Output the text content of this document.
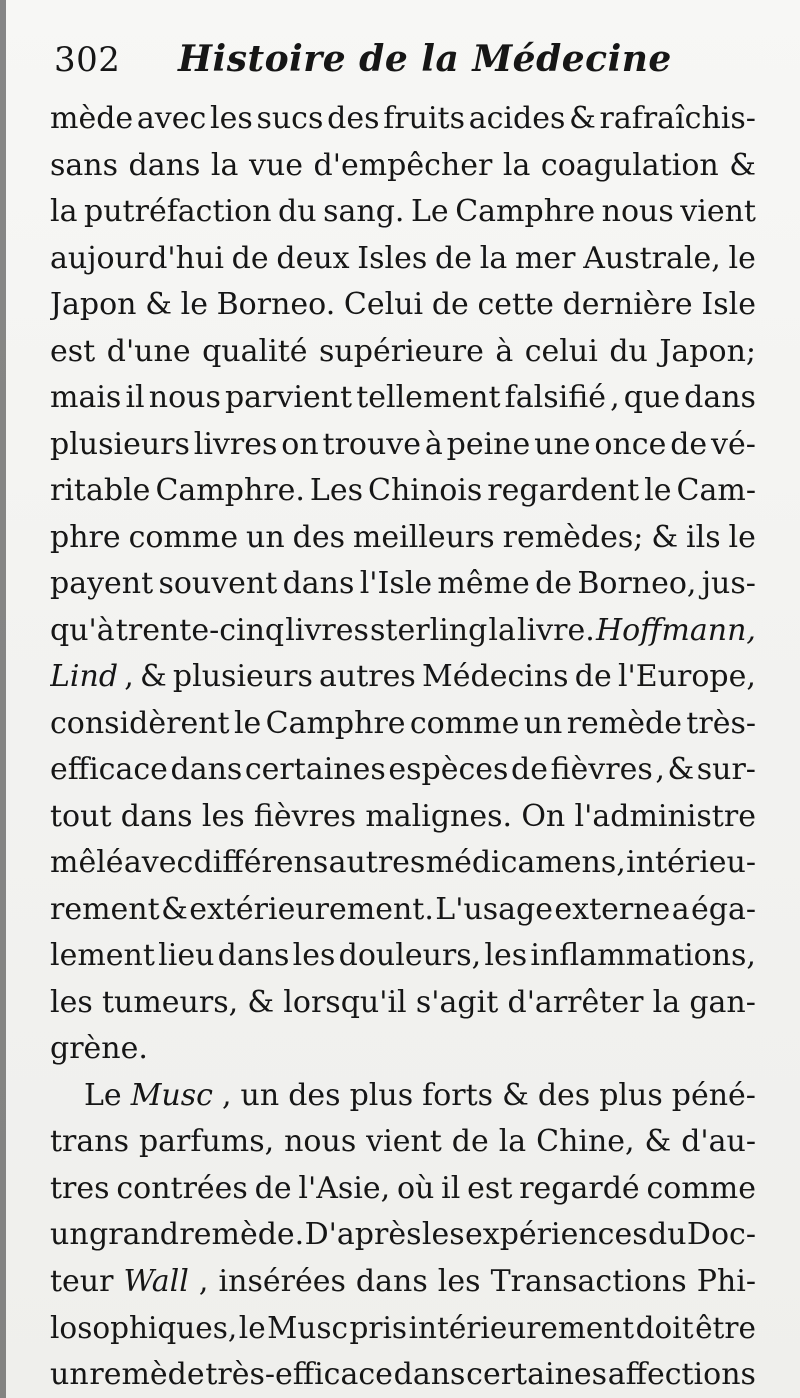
302 Histoire de la Médecine
mède avec les sucs des fruits acides & rafraîchis-
sans dans la vue d'empêcher la coagulation &
la putréfaction du sang. Le Camphre nous vient
aujourd'hui de deux Isles de la mer Australe, le
Japon & le Borneo. Celui de cette dernière Isle
est d'une qualité supérieure à celui du Japon;
mais il nous parvient tellement falsifié , que dans
plusieurs livres on trouve à peine une once de vé-
ritable Camphre. Les Chinois regardent le Cam-
phre comme un des meilleurs remèdes; & ils le
payent souvent dans l'Isle même de Borneo, jus-
qu'à trente-cinq livres sterling la livre. Hoffmann,
Lind , & plusieurs autres Médecins de l'Europe,
considèrent le Camphre comme un remède très-
efficace dans certaines espèces de fièvres , & sur-
tout dans les fièvres malignes. On l'administre
mêlé avec différens autres médicamens, intérieu-
rement & extérieurement. L'usage externe a éga-
lement lieu dans les douleurs, les inflammations,
les tumeurs, & lorsqu'il s'agit d'arrêter la gan-
grène.
Le Musc , un des plus forts & des plus péné-
trans parfums, nous vient de la Chine, & d'au-
tres contrées de l'Asie, où il est regardé comme
un grand remède. D'après les expériences du Doc-
teur Wall , insérées dans les Transactions Phi-
losophiques, le Musc pris intérieurement doit être
un remède très-efficace dans certaines affections
